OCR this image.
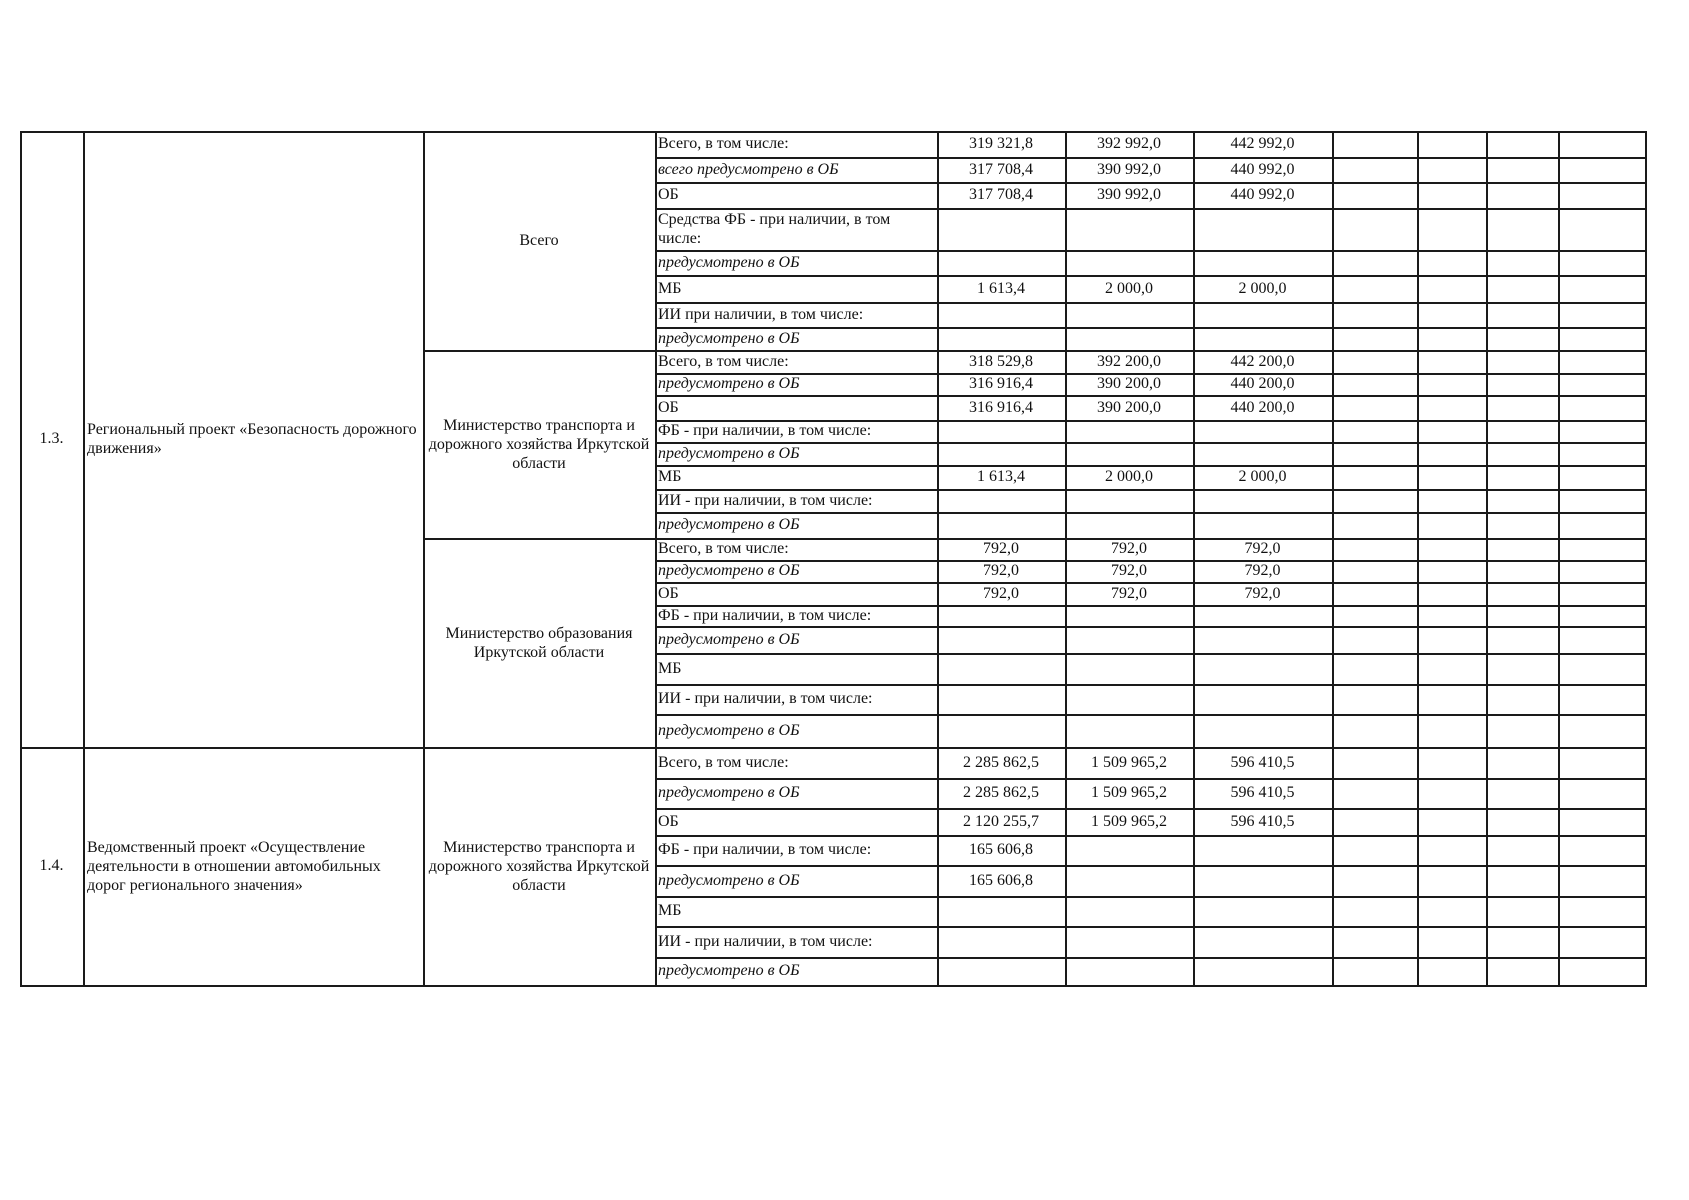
1.3.
Региональный проект «Безопасность дорожного движения»
Всего
Всего, в том числе:	319 321,8	392 992,0	442 992,0
всего предусмотрено в ОБ	317 708,4	390 992,0	440 992,0
ОБ	317 708,4	390 992,0	440 992,0
Средства ФБ - при наличии, в том числе:
предусмотрено в ОБ
МБ	1 613,4	2 000,0	2 000,0
ИИ при наличии, в том числе:
предусмотрено в ОБ
Министерство транспорта и дорожного хозяйства Иркутской области
Всего, в том числе:	318 529,8	392 200,0	442 200,0
предусмотрено в ОБ	316 916,4	390 200,0	440 200,0
ОБ	316 916,4	390 200,0	440 200,0
ФБ - при наличии, в том числе:
предусмотрено в ОБ
МБ	1 613,4	2 000,0	2 000,0
ИИ - при наличии, в том числе:
предусмотрено в ОБ
Министерство образования Иркутской области
Всего, в том числе:	792,0	792,0	792,0
предусмотрено в ОБ	792,0	792,0	792,0
ОБ	792,0	792,0	792,0
ФБ - при наличии, в том числе:
предусмотрено в ОБ
МБ
ИИ - при наличии, в том числе:
предусмотрено в ОБ
1.4.
Ведомственный проект «Осуществление деятельности в отношении автомобильных дорог регионального значения»
Министерство транспорта и дорожного хозяйства Иркутской области
Всего, в том числе:	2 285 862,5	1 509 965,2	596 410,5
предусмотрено в ОБ	2 285 862,5	1 509 965,2	596 410,5
ОБ	2 120 255,7	1 509 965,2	596 410,5
ФБ - при наличии, в том числе:	165 606,8
предусмотрено в ОБ	165 606,8
МБ
ИИ - при наличии, в том числе:
предусмотрено в ОБ
